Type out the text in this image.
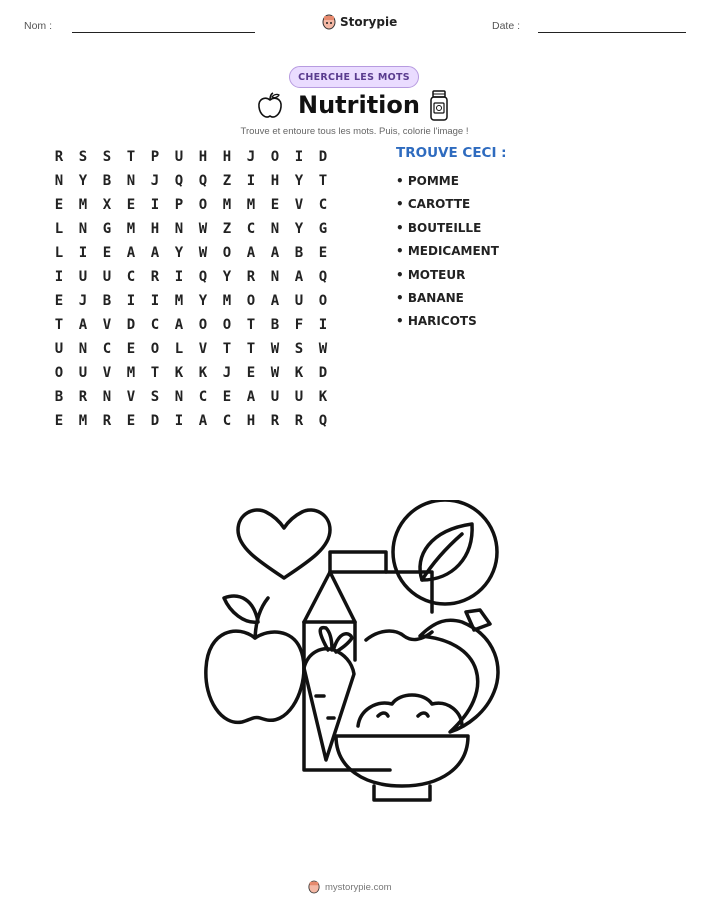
Nom :	Storypie	Date :
CHERCHE LES MOTS
Nutrition
Trouve et entoure tous les mots. Puis, colorie l'image !
R	S	S	T	P	U	H	H	J	O	I	D
N	Y	B	N	J	Q	Q	Z	I	H	Y	T
E	M	X	E	I	P	O	M	M	E	V	C
L	N	G	M	H	N	W	Z	C	N	Y	G
L	I	E	A	A	Y	W	O	A	A	B	E
I	U	U	C	R	I	Q	Y	R	N	A	Q
E	J	B	I	I	M	Y	M	O	A	U	O
T	A	V	D	C	A	O	O	T	B	F	I
U	N	C	E	O	L	V	T	T	W	S	W
O	U	V	M	T	K	K	J	E	W	K	D
B	R	N	V	S	N	C	E	A	U	U	K
E	M	R	E	D	I	A	C	H	R	R	Q
TROUVE CECI :
• POMME
• CAROTTE
• BOUTEILLE
• MEDICAMENT
• MOTEUR
• BANANE
• HARICOTS
mystorypie.com
